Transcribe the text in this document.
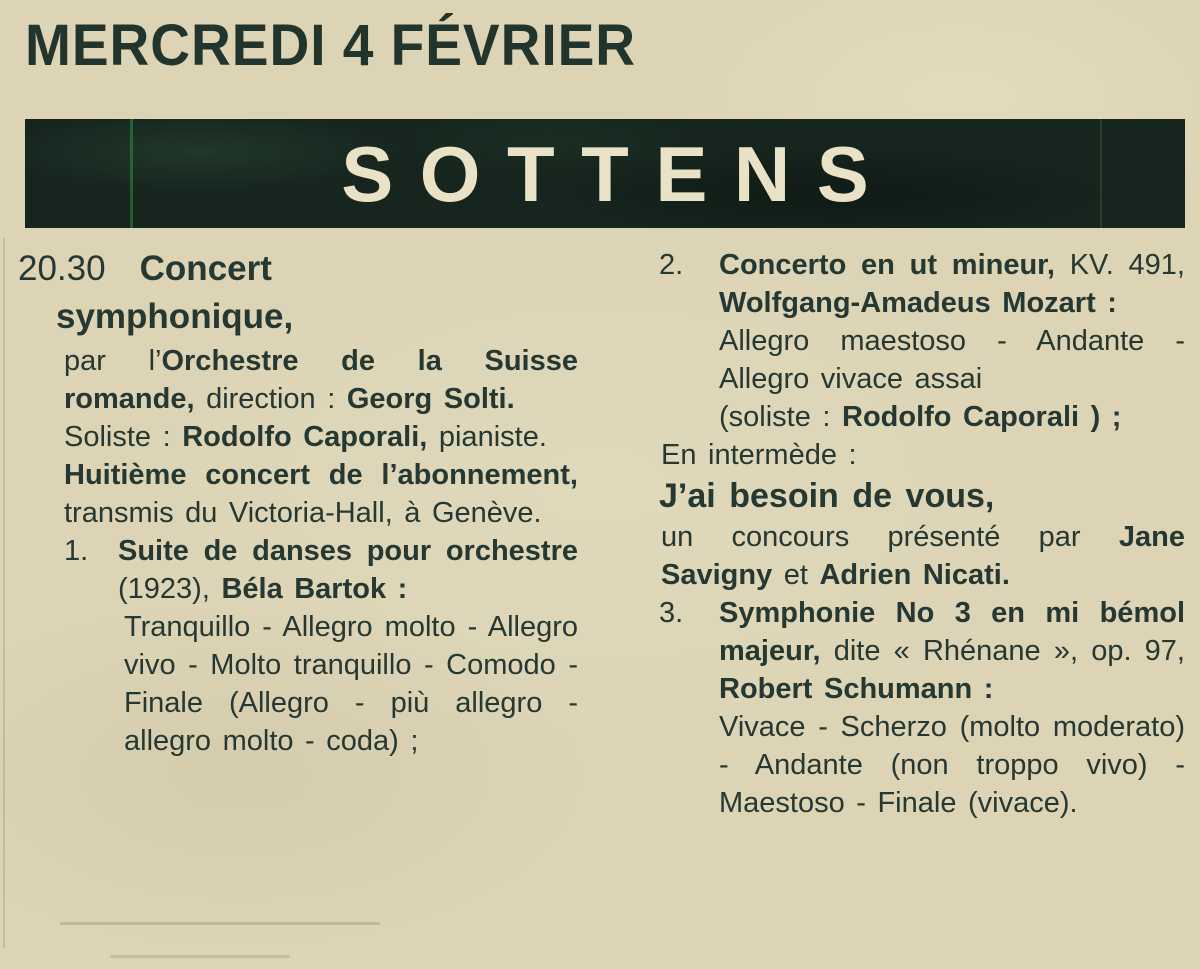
MERCREDI 4 FÉVRIER
SOTTENS
20.30 Concert
symphonique,
par l’Orchestre de la Suisse romande, direction : Georg Solti.
Soliste : Rodolfo Caporali, pianiste.
Huitième concert de l’abonnement, transmis du Victoria-Hall, à Genève.
1. Suite de danses pour orchestre (1923), Béla Bartok :
Tranquillo - Allegro molto - Allegro vivo - Molto tranquillo - Comodo - Finale (Allegro - più allegro - allegro molto - coda) ;
2. Concerto en ut mineur, KV. 491, Wolfgang-Amadeus Mozart :
Allegro maestoso - Andante - Allegro vivace assai
(soliste : Rodolfo Caporali ) ;
En intermède :
J’ai besoin de vous,
un concours présenté par Jane Savigny et Adrien Nicati.
3. Symphonie No 3 en mi bémol majeur, dite « Rhénane », op. 97, Robert Schumann :
Vivace - Scherzo (molto moderato) - Andante (non troppo vivo) - Maestoso - Finale (vivace).
